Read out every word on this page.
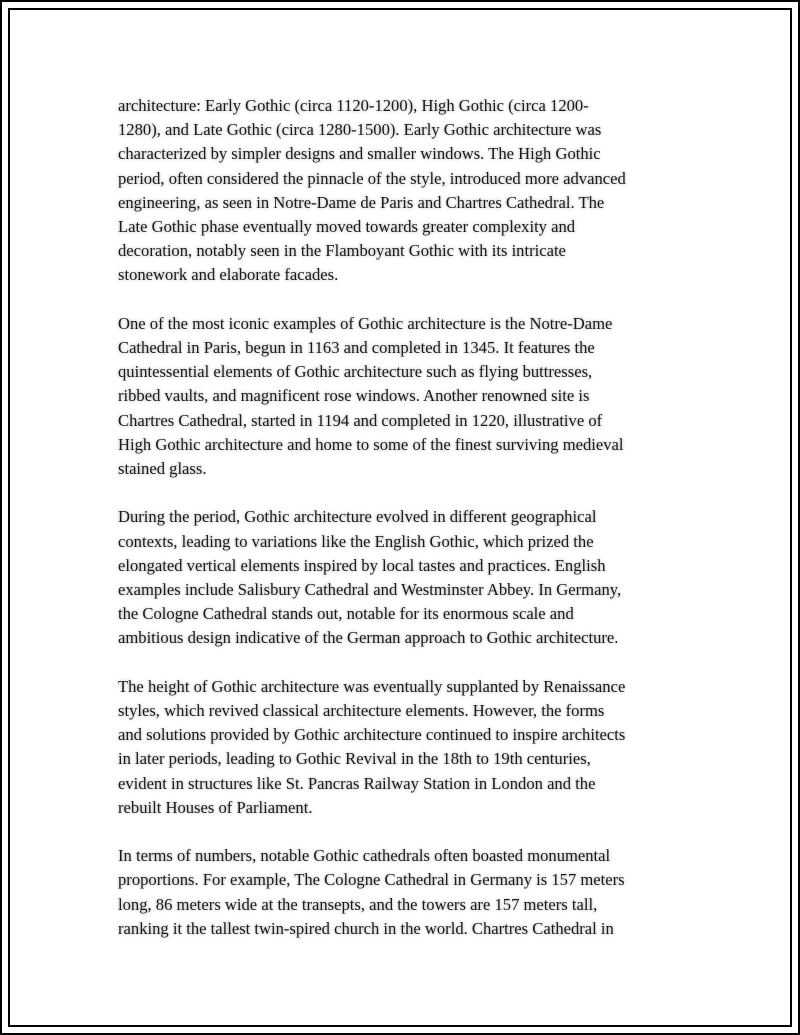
architecture: Early Gothic (circa 1120-1200), High Gothic (circa 1200-
1280), and Late Gothic (circa 1280-1500). Early Gothic architecture was
characterized by simpler designs and smaller windows. The High Gothic
period, often considered the pinnacle of the style, introduced more advanced
engineering, as seen in Notre-Dame de Paris and Chartres Cathedral. The
Late Gothic phase eventually moved towards greater complexity and
decoration, notably seen in the Flamboyant Gothic with its intricate
stonework and elaborate facades.
One of the most iconic examples of Gothic architecture is the Notre-Dame
Cathedral in Paris, begun in 1163 and completed in 1345. It features the
quintessential elements of Gothic architecture such as flying buttresses,
ribbed vaults, and magnificent rose windows. Another renowned site is
Chartres Cathedral, started in 1194 and completed in 1220, illustrative of
High Gothic architecture and home to some of the finest surviving medieval
stained glass.
During the period, Gothic architecture evolved in different geographical
contexts, leading to variations like the English Gothic, which prized the
elongated vertical elements inspired by local tastes and practices. English
examples include Salisbury Cathedral and Westminster Abbey. In Germany,
the Cologne Cathedral stands out, notable for its enormous scale and
ambitious design indicative of the German approach to Gothic architecture.
The height of Gothic architecture was eventually supplanted by Renaissance
styles, which revived classical architecture elements. However, the forms
and solutions provided by Gothic architecture continued to inspire architects
in later periods, leading to Gothic Revival in the 18th to 19th centuries,
evident in structures like St. Pancras Railway Station in London and the
rebuilt Houses of Parliament.
In terms of numbers, notable Gothic cathedrals often boasted monumental
proportions. For example, The Cologne Cathedral in Germany is 157 meters
long, 86 meters wide at the transepts, and the towers are 157 meters tall,
ranking it the tallest twin-spired church in the world. Chartres Cathedral in
